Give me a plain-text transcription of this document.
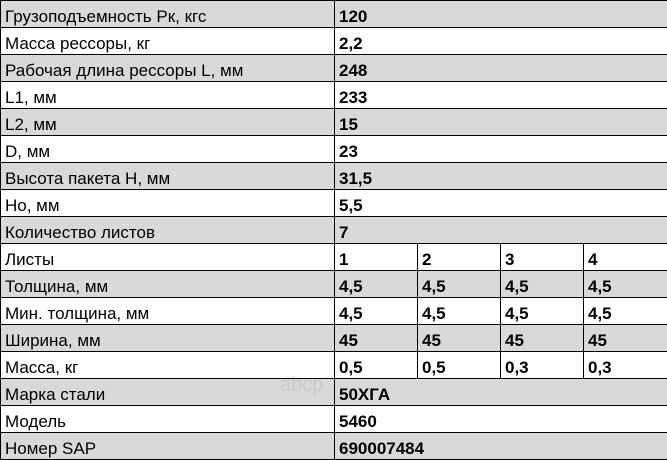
Грузоподъемность Рк, кгс	120			
Масса рессоры, кг	2,2			
Рабочая длина рессоры L, мм	248			
L1, мм	233			
L2, мм	15			
D, мм	23			
Высота пакета H, мм	31,5			
Ho, мм	5,5			
Количество листов	7			
Листы	1	2	3	4
Толщина, мм	4,5	4,5	4,5	4,5
Мин. толщина, мм	4,5	4,5	4,5	4,5
Ширина, мм	45	45	45	45
Масса, кг	0,5	0,5	0,3	0,3
Марка стали	50ХГА			
Модель	5460			
Номер SAP	690007484			
abcp
